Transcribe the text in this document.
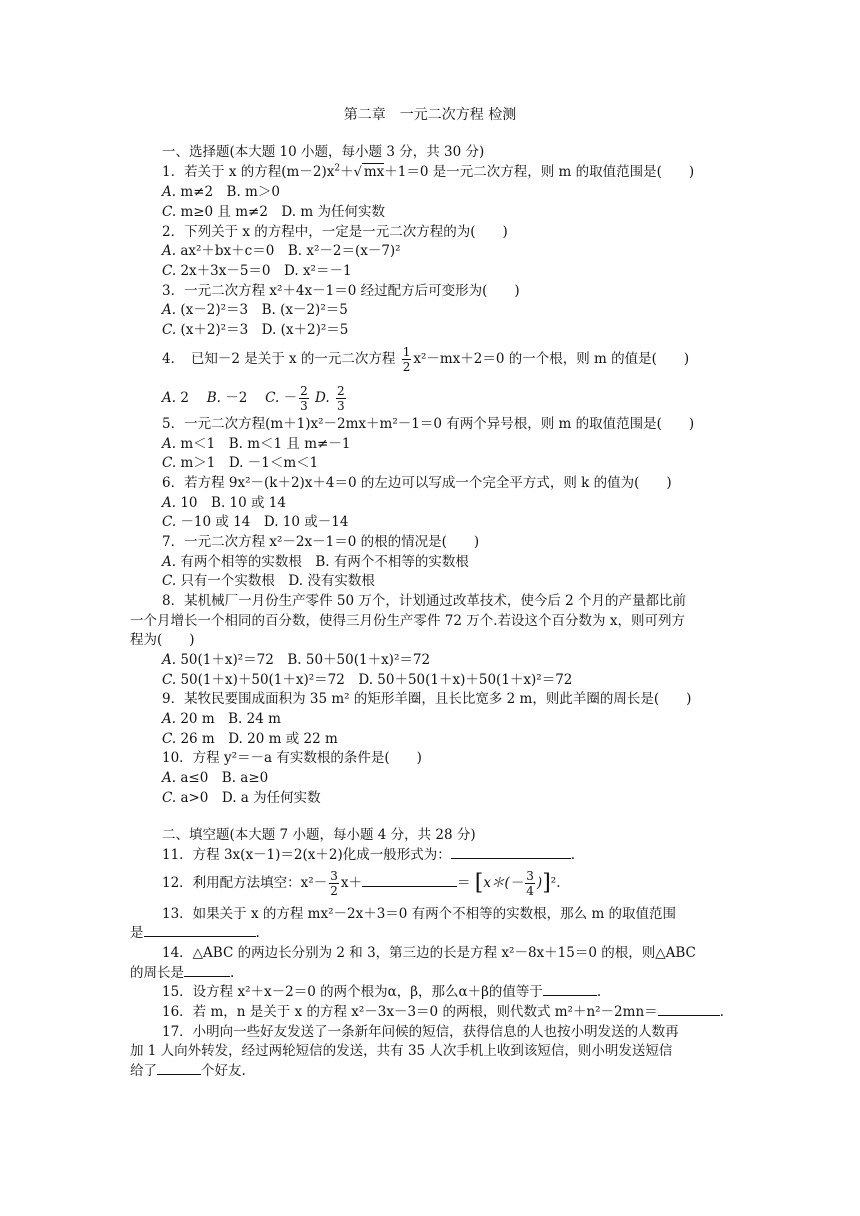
第二章　一元二次方程 检测
一、选择题(本大题 10 小题，每小题 3 分，共 30 分)
1．若关于 x 的方程$(m-2)x^2+√$ mx＋1＝0 是一元二次方程，则 m 的取值范围是(　　)
A. m≠2　B. m＞0
C. m≥0 且 m≠2　D. m 为任何实数
2．下列关于 x 的方程中，一定是一元二次方程的为(　　)
A. ax²＋bx＋c＝0　B. x²－2＝(x－7)²
C. 2x＋3x－5＝0　D. x²＝－1
3．一元二次方程 x²＋4x－1＝0 经过配方后可变形为(　　)
A. (x－2)²＝3　B. (x－2)²＝5
C. (x＋2)²＝3　D. (x＋2)²＝5
4．　已知－2 是关于 x 的一元二次方程 $\frac{1}{2} x^2-mx+2=0$ 的一个根，则 m 的值是(　　)
A. 2　 B. －2　 C. － $\frac{2}{3} D$. $\frac{2}{3}$
5．一元二次方程(m＋1)x²－2mx＋m²－1＝0 有两个异号根，则 m 的取值范围是(　　)
A. m＜1　B. m＜1 且 m≠－1
C. m＞1　D. －1＜m＜1
6．若方程 9x²－(k＋2)x＋4＝0 的左边可以写成一个完全平方式，则 k 的值为(　　)
A. 10　B. 10 或 14
C. －10 或 14　D. 10 或－14
7．一元二次方程 x²－2x－1＝0 的根的情况是(　　)
A. 有两个相等的实数根　B. 有两个不相等的实数根
C. 只有一个实数根　D. 没有实数根
8．某机械厂一月份生产零件 50 万个，计划通过改革技术，使今后 2 个月的产量都比前
一个月增长一个相同的百分数，使得三月份生产零件 72 万个.若设这个百分数为 x，则可列方
程为(　　)
A. 50(1＋x)²＝72　B. 50＋50(1＋x)²＝72
C. 50(1＋x)＋50(1＋x)²＝72　D. 50＋50(1＋x)＋50(1＋x)²＝72
9．某牧民要围成面积为 35 m² 的矩形羊圈，且长比宽多 2 m，则此羊圈的周长是(　　)
A. 20 m　B. 24 m
C. 26 m　D. 20 m 或 22 m
10．方程 y²＝－a 有实数根的条件是(　　)
A. a≤0　B. a≥0
C. a>0　D. a 为任何实数
二、填空题(本大题 7 小题，每小题 4 分，共 28 分)
11．方程 3x(x－1)＝2(x＋2)化成一般形式为：	.
12．利用配方法填空：$x^2- \frac{3}{2} x+$	＝ [x＊(－ $\frac{3}{4} )]^2$.
13．如果关于 x 的方程 mx²－2x＋3＝0 有两个不相等的实数根，那么 m 的取值范围
是	.
14．△ABC 的两边长分别为 2 和 3，第三边的长是方程 x²－8x＋15＝0 的根，则△ABC
的周长是	.
15．设方程 x²＋x－2＝0 的两个根为α，β，那么α＋β的值等于	.
16．若 m，n 是关于 x 的方程 x²－3x－3＝0 的两根，则代数式 m²＋n²－2mn＝	.
17．小明向一些好友发送了一条新年问候的短信，获得信息的人也按小明发送的人数再
加 1 人向外转发，经过两轮短信的发送，共有 35 人次手机上收到该短信，则小明发送短信
给了	个好友.
